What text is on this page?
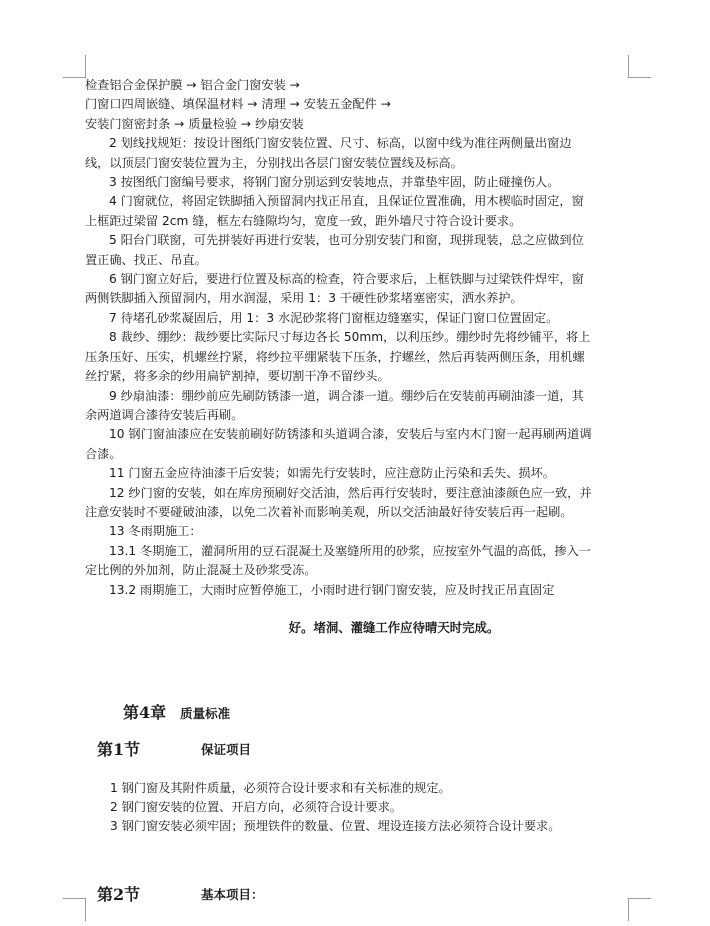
检查铝合金保护膜 → 铝合金门窗安装 →

门窗口四周嵌缝、填保温材料 → 清理 → 安装五金配件 →

安装门窗密封条 → 质量检验 → 纱扇安装

2 划线找规矩：按设计图纸门窗安装位置、尺寸、标高，以窗中线为准往两侧量出窗边线，以顶层门窗安装位置为主，分别找出各层门窗安装位置线及标高。

3 按图纸门窗编号要求，将钢门窗分别运到安装地点，并靠垫牢固，防止碰撞伤人。

4 门窗就位，将固定铁脚插入预留洞内找正吊直，且保证位置准确，用木楔临时固定，窗上框距过梁留 2cm 缝，框左右缝隙均匀，宽度一致，距外墙尺寸符合设计要求。

5 阳台门联窗，可先拼装好再进行安装，也可分别安装门和窗，现拼现装，总之应做到位置正确、找正、吊直。

6 钢门窗立好后，要进行位置及标高的检查，符合要求后，上框铁脚与过梁铁件焊牢，窗两侧铁脚插入预留洞内，用水润湿，采用 1：3 干硬性砂浆堵塞密实，洒水养护。

7 待堵孔砂浆凝固后，用 1：3 水泥砂浆将门窗框边缝塞实，保证门窗口位置固定。

8 裁纱、绷纱：裁纱要比实际尺寸每边各长 50mm，以利压纱。绷纱时先将纱铺平，将上压条压好、压实，机螺丝拧紧，将纱拉平绷紧装下压条，拧螺丝，然后再装两侧压条，用机螺丝拧紧，将多余的纱用扁铲割掉，要切割干净不留纱头。

9 纱扇油漆：绷纱前应先刷防锈漆一道，调合漆一道。绷纱后在安装前再刷油漆一道，其余两道调合漆待安装后再刷。

10 钢门窗油漆应在安装前刷好防锈漆和头道调合漆，安装后与室内木门窗一起再刷两道调合漆。

11 门窗五金应待油漆干后安装；如需先行安装时，应注意防止污染和丢失、损坏。

12 纱门窗的安装，如在库房预刷好交活油，然后再行安装时，要注意油漆颜色应一致，并注意安装时不要碰破油漆，以免二次着补而影响美观，所以交活油最好待安装后再一起刷。

13 冬雨期施工：

13.1 冬期施工，灌洞所用的豆石混凝土及塞缝所用的砂浆，应按室外气温的高低，掺入一定比例的外加剂，防止混凝土及砂浆受冻。

13.2 雨期施工，大雨时应暂停施工，小雨时进行钢门窗安装，应及时找正吊直固定

好。堵洞、灌缝工作应待晴天时完成。

第4章 质量标准
第1节	保证项目

1 钢门窗及其附件质量，必须符合设计要求和有关标准的规定。

2 钢门窗安装的位置、开启方向，必须符合设计要求。

3 钢门窗安装必须牢固；预埋铁件的数量、位置、埋设连接方法必须符合设计要求。

第2节	基本项目：
